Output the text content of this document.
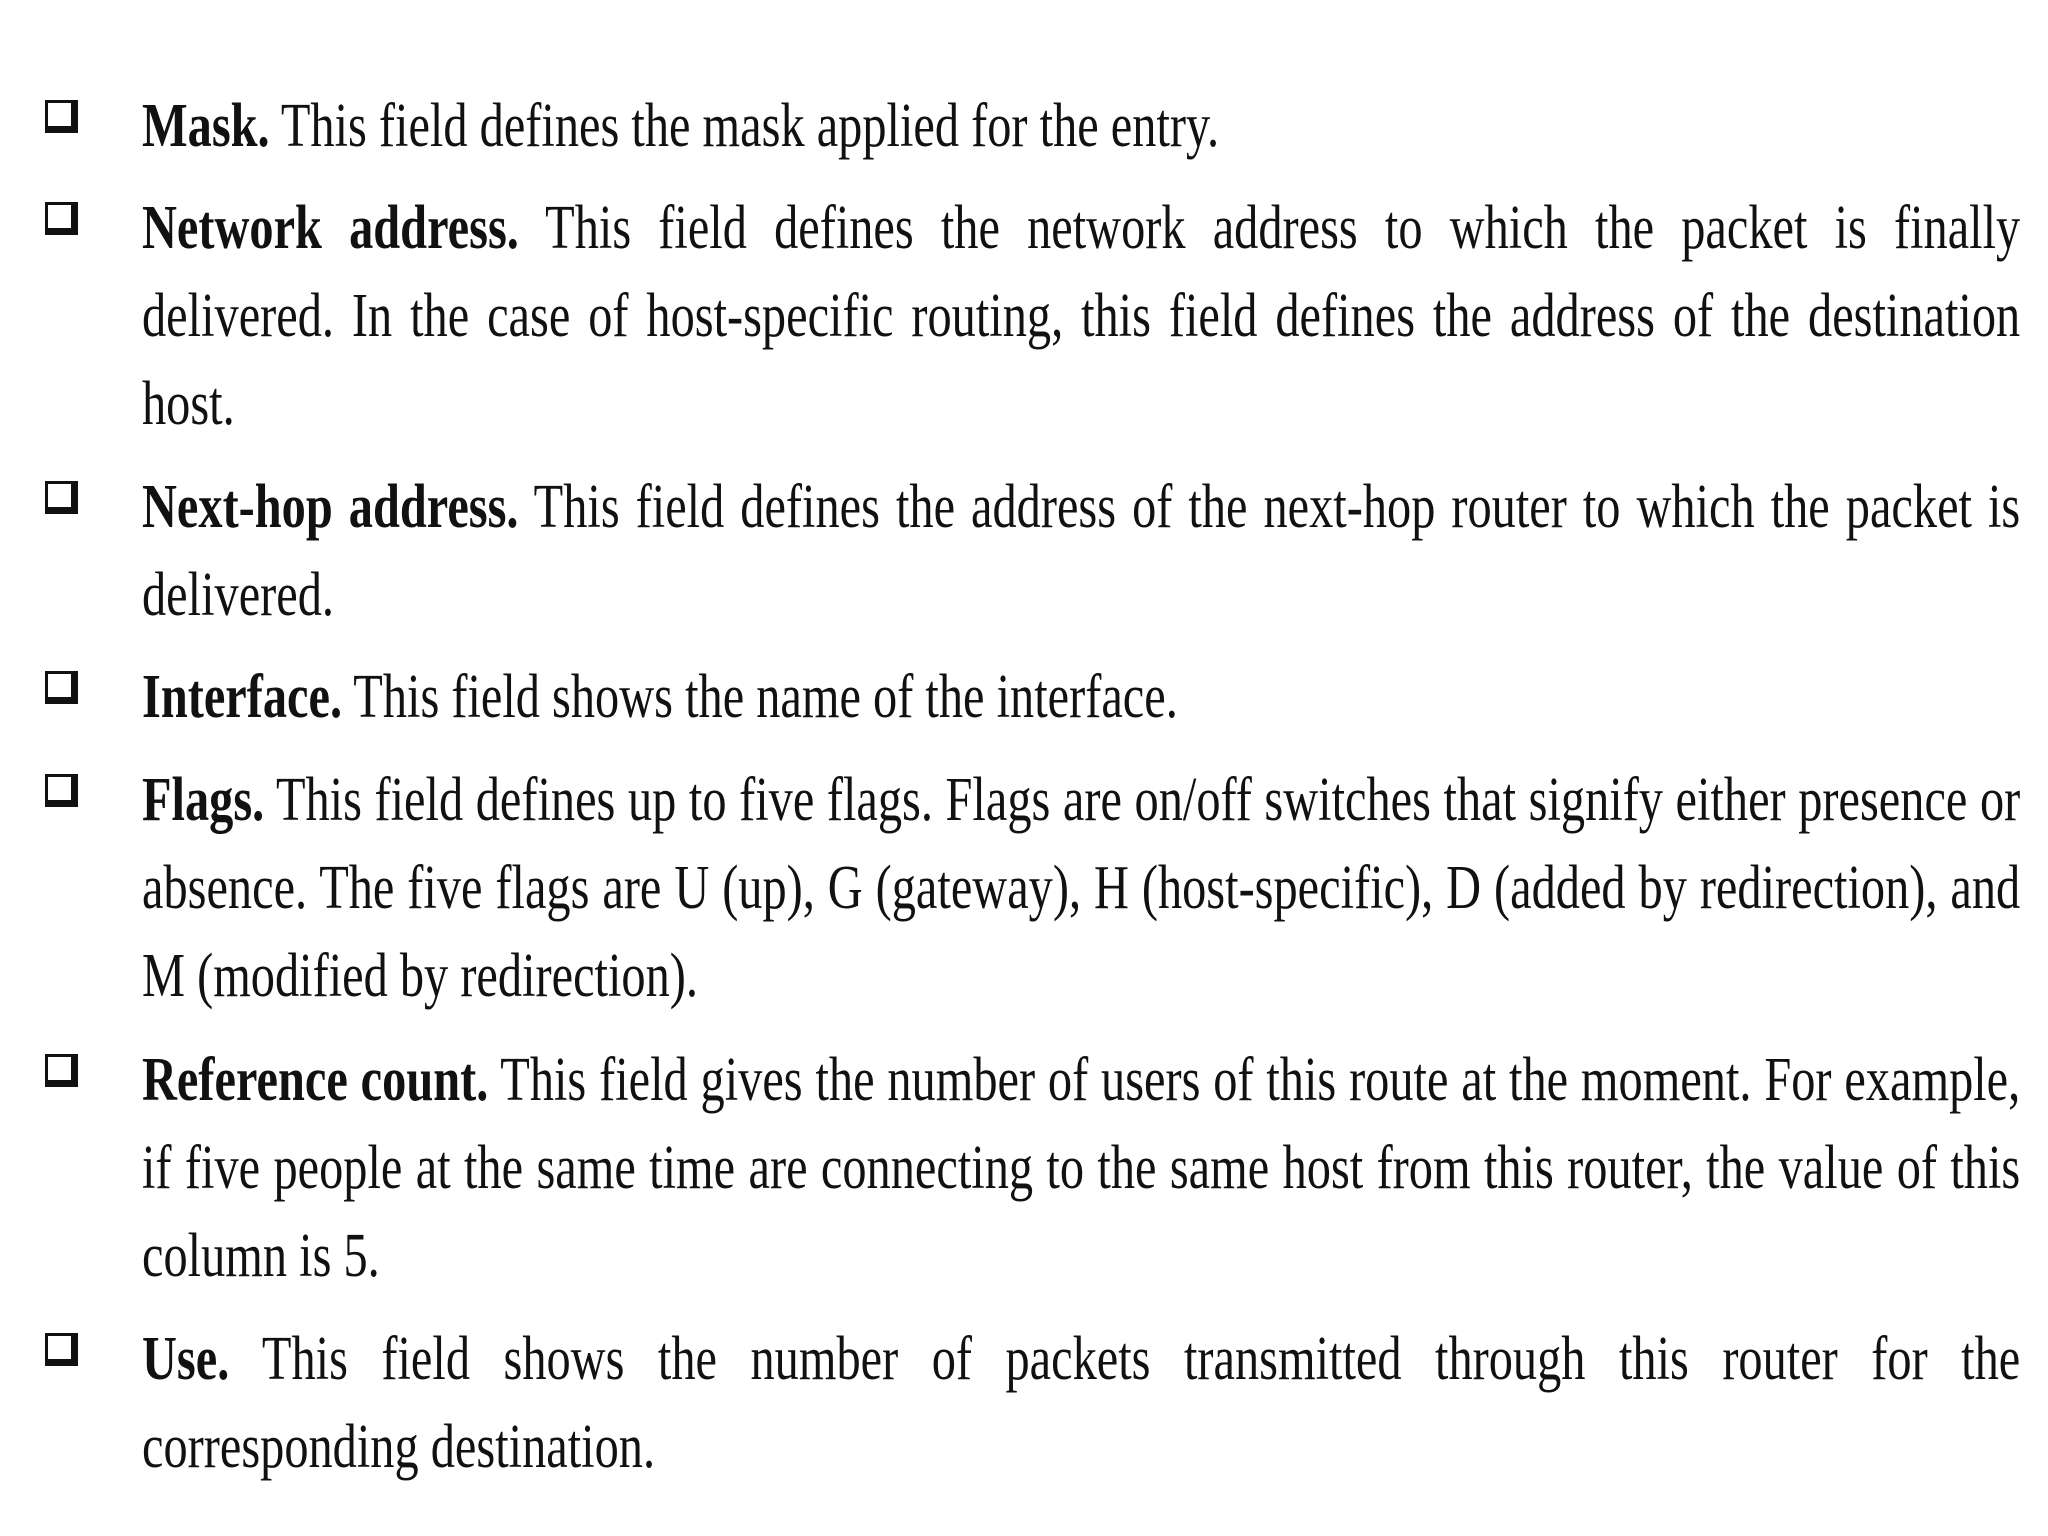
Mask. This field defines the mask applied for the entry.
Network address. This field defines the network address to which the packet is finally delivered. In the case of host-specific routing, this field defines the address of the destination host.
Next-hop address. This field defines the address of the next-hop router to which the packet is delivered.
Interface. This field shows the name of the interface.
Flags. This field defines up to five flags. Flags are on/off switches that signify either presence or absence. The five flags are U (up), G (gateway), H (host-specific), D (added by redirection), and M (modified by redirection).
Reference count. This field gives the number of users of this route at the moment. For example, if five people at the same time are connecting to the same host from this router, the value of this column is 5.
Use. This field shows the number of packets transmitted through this router for the corresponding destination.
